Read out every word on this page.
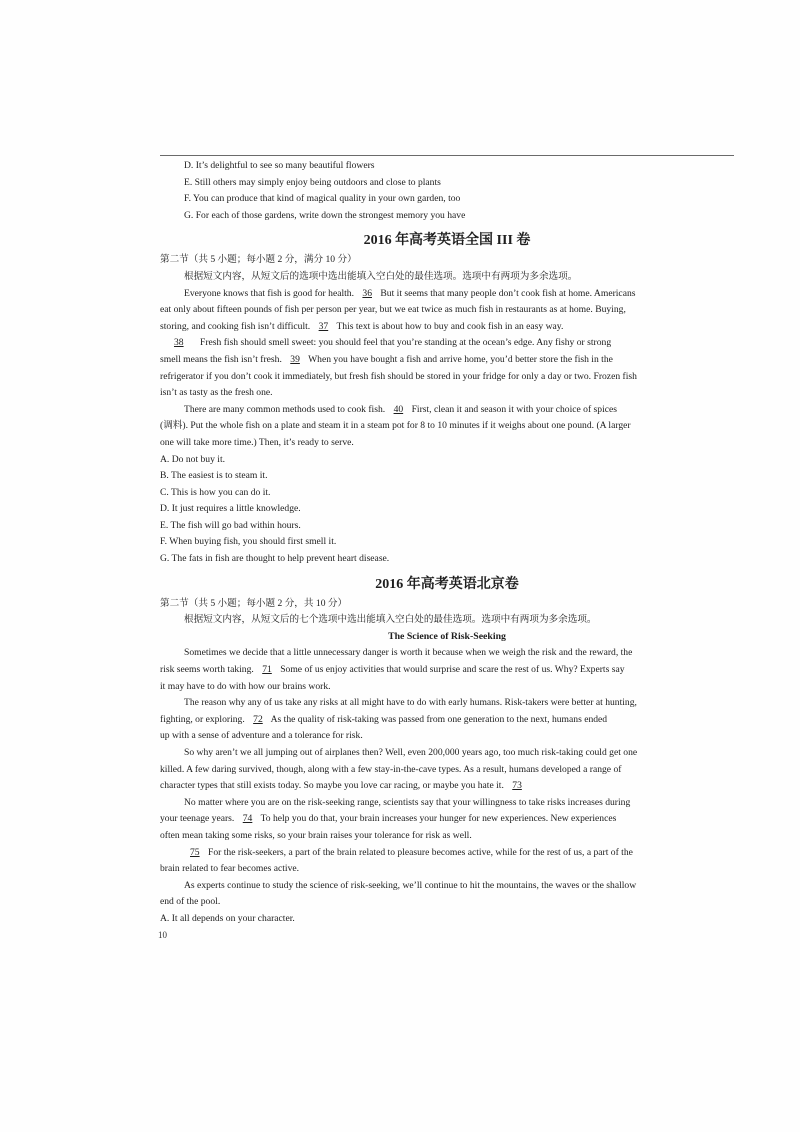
D. It’s delightful to see so many beautiful flowers
E. Still others may simply enjoy being outdoors and close to plants
F. You can produce that kind of magical quality in your own garden, too
G. For each of those gardens, write down the strongest memory you have
2016 年高考英语全国 III 卷
第二节（共 5 小题；每小题 2 分，满分 10 分）
根据短文内容，从短文后的选项中选出能填入空白处的最佳选项。选项中有两项为多余选项。
Everyone knows that fish is good for health. 36 But it seems that many people don’t cook fish at home. Americans
eat only about fifteen pounds of fish per person per year, but we eat twice as much fish in restaurants as at home. Buying,
storing, and cooking fish isn’t difficult. 37 This text is about how to buy and cook fish in an easy way.
38 Fresh fish should smell sweet: you should feel that you’re standing at the ocean’s edge. Any fishy or strong
smell means the fish isn’t fresh. 39 When you have bought a fish and arrive home, you’d better store the fish in the
refrigerator if you don’t cook it immediately, but fresh fish should be stored in your fridge for only a day or two. Frozen fish
isn’t as tasty as the fresh one.
There are many common methods used to cook fish. 40 First, clean it and season it with your choice of spices
(调料). Put the whole fish on a plate and steam it in a steam pot for 8 to 10 minutes if it weighs about one pound. (A larger
one will take more time.) Then, it’s ready to serve.
A. Do not buy it.
B. The easiest is to steam it.
C. This is how you can do it.
D. It just requires a little knowledge.
E. The fish will go bad within hours.
F. When buying fish, you should first smell it.
G. The fats in fish are thought to help prevent heart disease.
2016 年高考英语北京卷
第二节（共 5 小题；每小题 2 分，共 10 分）
根据短文内容，从短文后的七个选项中选出能填入空白处的最佳选项。选项中有两项为多余选项。
The Science of Risk-Seeking
Sometimes we decide that a little unnecessary danger is worth it because when we weigh the risk and the reward, the
risk seems worth taking. 71 Some of us enjoy activities that would surprise and scare the rest of us. Why? Experts say
it may have to do with how our brains work.
The reason why any of us take any risks at all might have to do with early humans. Risk-takers were better at hunting,
fighting, or exploring. 72 As the quality of risk-taking was passed from one generation to the next, humans ended
up with a sense of adventure and a tolerance for risk.
So why aren’t we all jumping out of airplanes then? Well, even 200,000 years ago, too much risk-taking could get one
killed. A few daring survived, though, along with a few stay-in-the-cave types. As a result, humans developed a range of
character types that still exists today. So maybe you love car racing, or maybe you hate it. 73
No matter where you are on the risk-seeking range, scientists say that your willingness to take risks increases during
your teenage years. 74 To help you do that, your brain increases your hunger for new experiences. New experiences
often mean taking some risks, so your brain raises your tolerance for risk as well.
75 For the risk-seekers, a part of the brain related to pleasure becomes active, while for the rest of us, a part of the
brain related to fear becomes active.
As experts continue to study the science of risk-seeking, we’ll continue to hit the mountains, the waves or the shallow
end of the pool.
A. It all depends on your character.
10
